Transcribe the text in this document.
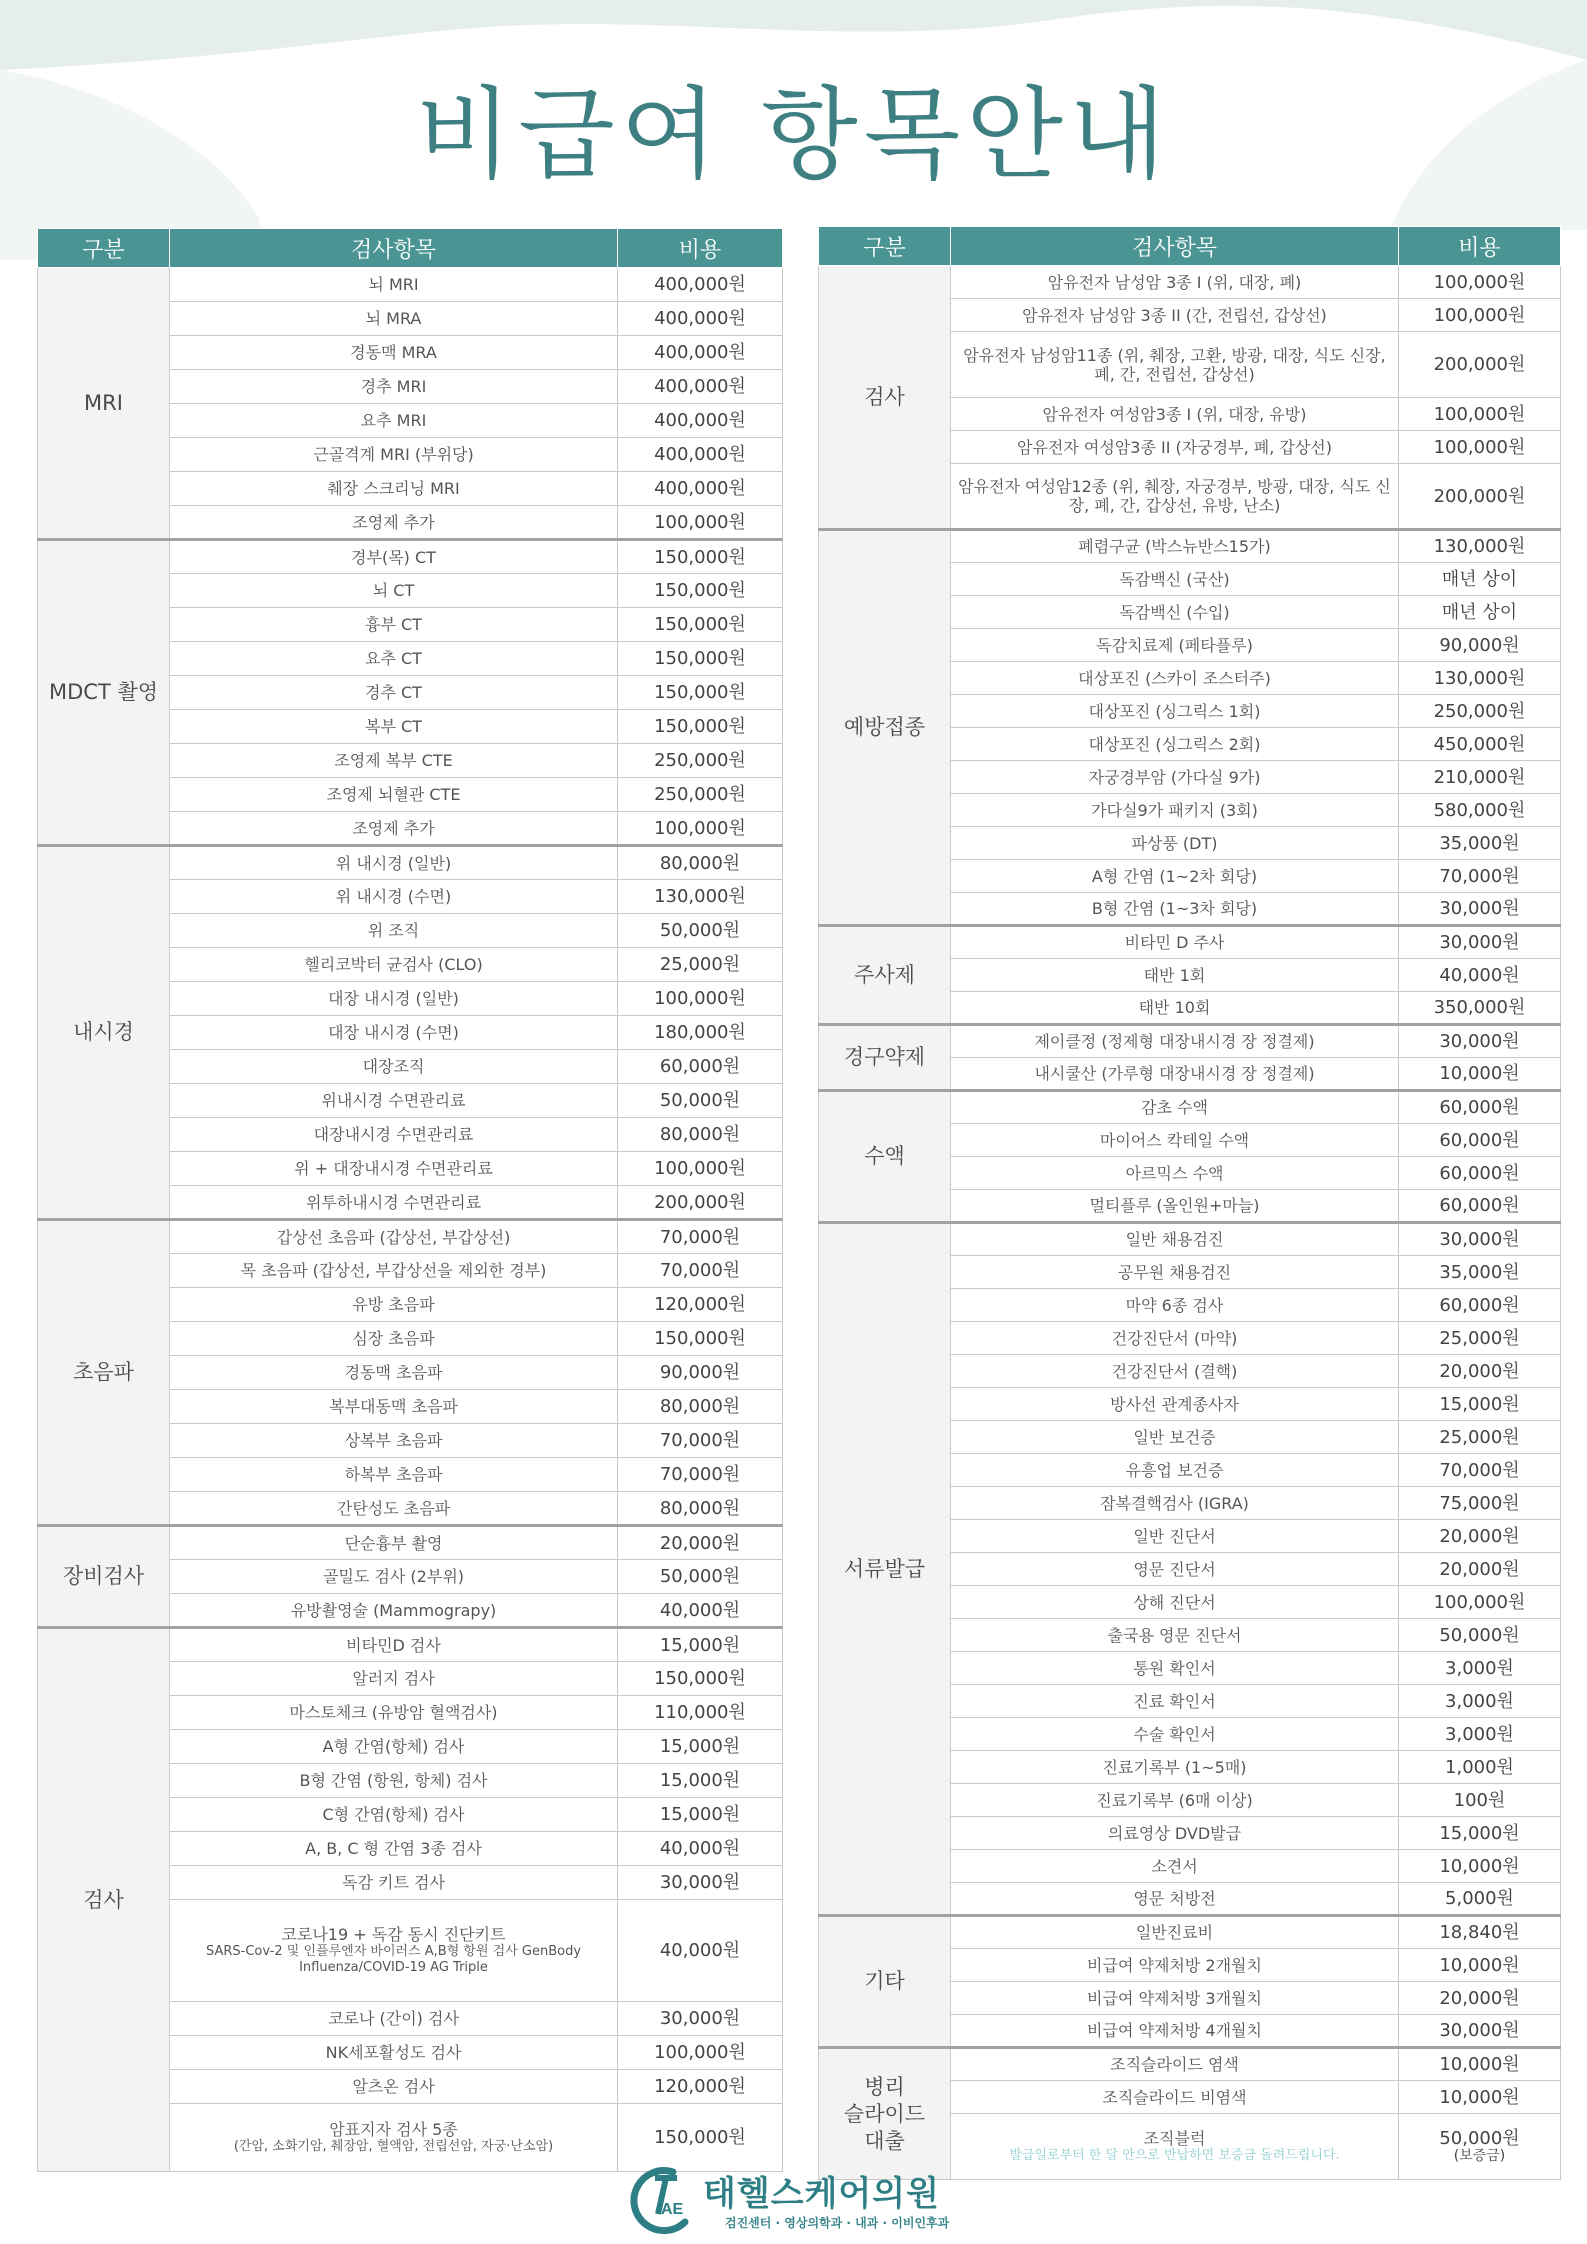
비급여 항목안내
구분	검사항목	비용

MRI	뇌 MRI	400,000원
	뇌 MRA	400,000원
	경동맥 MRA	400,000원
	경추 MRI	400,000원
	요추 MRI	400,000원
	근골격계 MRI (부위당)	400,000원
	췌장 스크리닝 MRI	400,000원
	조영제 추가	100,000원

MDCT 촬영	경부(목) CT	150,000원
	뇌 CT	150,000원
	흉부 CT	150,000원
	요추 CT	150,000원
	경추 CT	150,000원
	복부 CT	150,000원
	조영제 복부 CTE	250,000원
	조영제 뇌혈관 CTE	250,000원
	조영제 추가	100,000원

내시경	위 내시경 (일반)	80,000원
	위 내시경 (수면)	130,000원
	위 조직	50,000원
	헬리코박터 균검사 (CLO)	25,000원
	대장 내시경 (일반)	100,000원
	대장 내시경 (수면)	180,000원
	대장조직	60,000원
	위내시경 수면관리료	50,000원
	대장내시경 수면관리료	80,000원
	위 + 대장내시경 수면관리료	100,000원
	위투하내시경 수면관리료	200,000원

초음파	갑상선 초음파 (갑상선, 부갑상선)	70,000원
	목 초음파 (갑상선, 부갑상선을 제외한 경부)	70,000원
	유방 초음파	120,000원
	심장 초음파	150,000원
	경동맥 초음파	90,000원
	복부대동맥 초음파	80,000원
	상복부 초음파	70,000원
	하복부 초음파	70,000원
	간탄성도 초음파	80,000원

장비검사	단순흉부 촬영	20,000원
	골밀도 검사 (2부위)	50,000원
	유방촬영술 (Mammograpy)	40,000원

검사	비타민D 검사	15,000원
	알러지 검사	150,000원
	마스토체크 (유방암 혈액검사)	110,000원
	A형 간염(항체) 검사	15,000원
	B형 간염 (항원, 항체) 검사	15,000원
	C형 간염(항체) 검사	15,000원
	A, B, C 형 간염 3종 검사	40,000원
	독감 키트 검사	30,000원
	코로나19 + 독감 동시 진단키트
SARS-Cov-2 및 인플루엔자 바이러스 A,B형 항원 검사 GenBody Influenza/COVID-19 AG Triple	40,000원
	코로나 (간이) 검사	30,000원
	NK세포활성도 검사	100,000원
	알츠온 검사	120,000원
	암표지자 검사 5종
(간암, 소화기암, 췌장암, 혈액암, 전립선암, 자궁·난소암)	150,000원
구분	검사항목	비용

검사	암유전자 남성암 3종 I (위, 대장, 폐)	100,000원
	암유전자 남성암 3종 II (간, 전립선, 갑상선)	100,000원
	암유전자 남성암11종 (위, 췌장, 고환, 방광, 대장, 식도 신장, 폐, 간, 전립선, 갑상선)	200,000원
	암유전자 여성암3종 I (위, 대장, 유방)	100,000원
	암유전자 여성암3종 II (자궁경부, 폐, 갑상선)	100,000원
	암유전자 여성암12종 (위, 췌장, 자궁경부, 방광, 대장, 식도 신장, 폐, 간, 갑상선, 유방, 난소)	200,000원

예방접종	폐렴구균 (박스뉴반스15가)	130,000원
	독감백신 (국산)	매년 상이
	독감백신 (수입)	매년 상이
	독감치료제 (페타플루)	90,000원
	대상포진 (스카이 조스터주)	130,000원
	대상포진 (싱그릭스 1회)	250,000원
	대상포진 (싱그릭스 2회)	450,000원
	자궁경부암 (가다실 9가)	210,000원
	가다실9가 패키지 (3회)	580,000원
	파상풍 (DT)	35,000원
	A형 간염 (1~2차 회당)	70,000원
	B형 간염 (1~3차 회당)	30,000원

주사제	비타민 D 주사	30,000원
	태반 1회	40,000원
	태반 10회	350,000원

경구약제	제이클정 (정제형 대장내시경 장 정결제)	30,000원
	내시쿨산 (가루형 대장내시경 장 정결제)	10,000원

수액	감초 수액	60,000원
	마이어스 칵테일 수액	60,000원
	아르믹스 수액	60,000원
	멀티플루 (올인원+마늘)	60,000원

서류발급	일반 채용검진	30,000원
	공무원 채용검진	35,000원
	마약 6종 검사	60,000원
	건강진단서 (마약)	25,000원
	건강진단서 (결핵)	20,000원
	방사선 관계종사자	15,000원
	일반 보건증	25,000원
	유흥업 보건증	70,000원
	잠복결핵검사 (IGRA)	75,000원
	일반 진단서	20,000원
	영문 진단서	20,000원
	상해 진단서	100,000원
	출국용 영문 진단서	50,000원
	통원 확인서	3,000원
	진료 확인서	3,000원
	수술 확인서	3,000원
	진료기록부 (1~5매)	1,000원
	진료기록부 (6매 이상)	100원
	의료영상 DVD발급	15,000원
	소견서	10,000원
	영문 처방전	5,000원

기타	일반진료비	18,840원
	비급여 약제처방 2개월치	10,000원
	비급여 약제처방 3개월치	20,000원
	비급여 약제처방 4개월치	30,000원

병리
슬라이드
대출	조직슬라이드 염색	10,000원
	조직슬라이드 비염색	10,000원
	조직블럭
발급일로부터 한 달 안으로 반납하면 보증금 돌려드립니다.	50,000원
(보증금)
AE 태헬스케어의원
검진센터 · 영상의학과 · 내과 · 이비인후과
